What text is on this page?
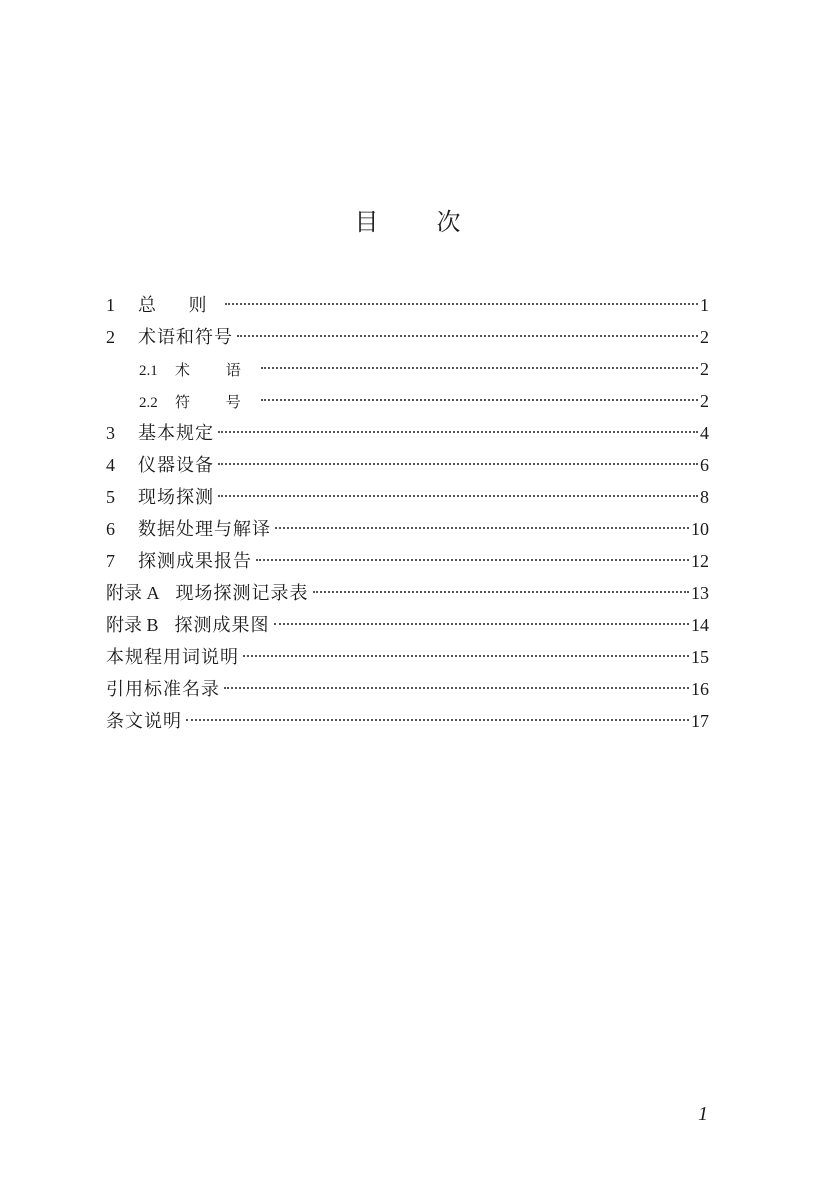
目 次
1	总 则	1
2	术语和符号	2
2.1	术 语	2
2.2	符 号	2
3	基本规定	4
4	仪器设备	6
5	现场探测	8
6	数据处理与解译	10
7	探测成果报告	12
附录 A 现场探测记录表	13
附录 B 探测成果图	14
本规程用词说明	15
引用标准名录	16
条文说明	17
1
